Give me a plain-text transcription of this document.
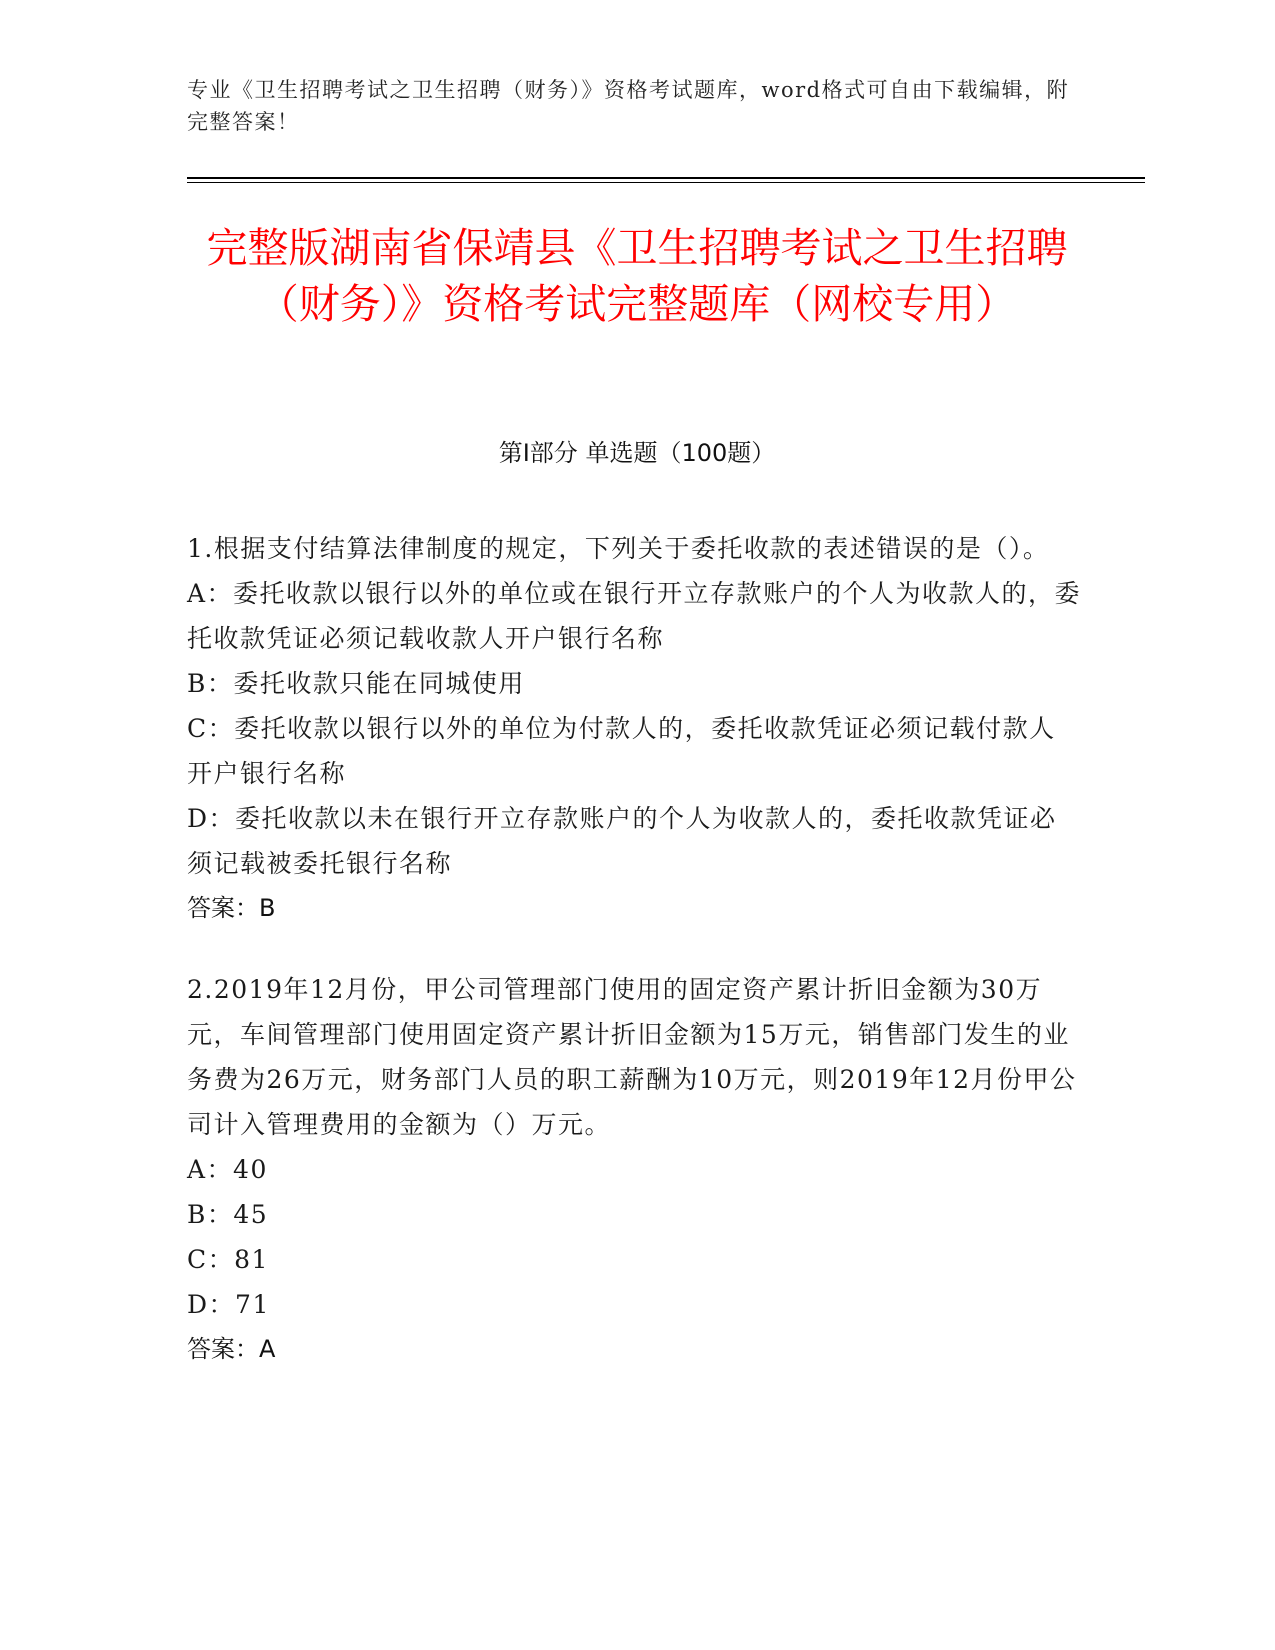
专业《卫生招聘考试之卫生招聘（财务）》资格考试题库，word格式可自由下载编辑，附完整答案！
完整版湖南省保靖县《卫生招聘考试之卫生招聘（财务）》资格考试完整题库（网校专用）
第Ⅰ部分 单选题（100题）

1.根据支付结算法律制度的规定，下列关于委托收款的表述错误的是（）。

A：委托收款以银行以外的单位或在银行开立存款账户的个人为收款人的，委托收款凭证必须记载收款人开户银行名称

B：委托收款只能在同城使用

C：委托收款以银行以外的单位为付款人的，委托收款凭证必须记载付款人开户银行名称

D：委托收款以未在银行开立存款账户的个人为收款人的，委托收款凭证必须记载被委托银行名称

答案：B

2.2019年12月份，甲公司管理部门使用的固定资产累计折旧金额为30万元，车间管理部门使用固定资产累计折旧金额为15万元，销售部门发生的业务费为26万元，财务部门人员的职工薪酬为10万元，则2019年12月份甲公司计入管理费用的金额为（）万元。

A：40

B：45

C：81

D：71

答案：A
